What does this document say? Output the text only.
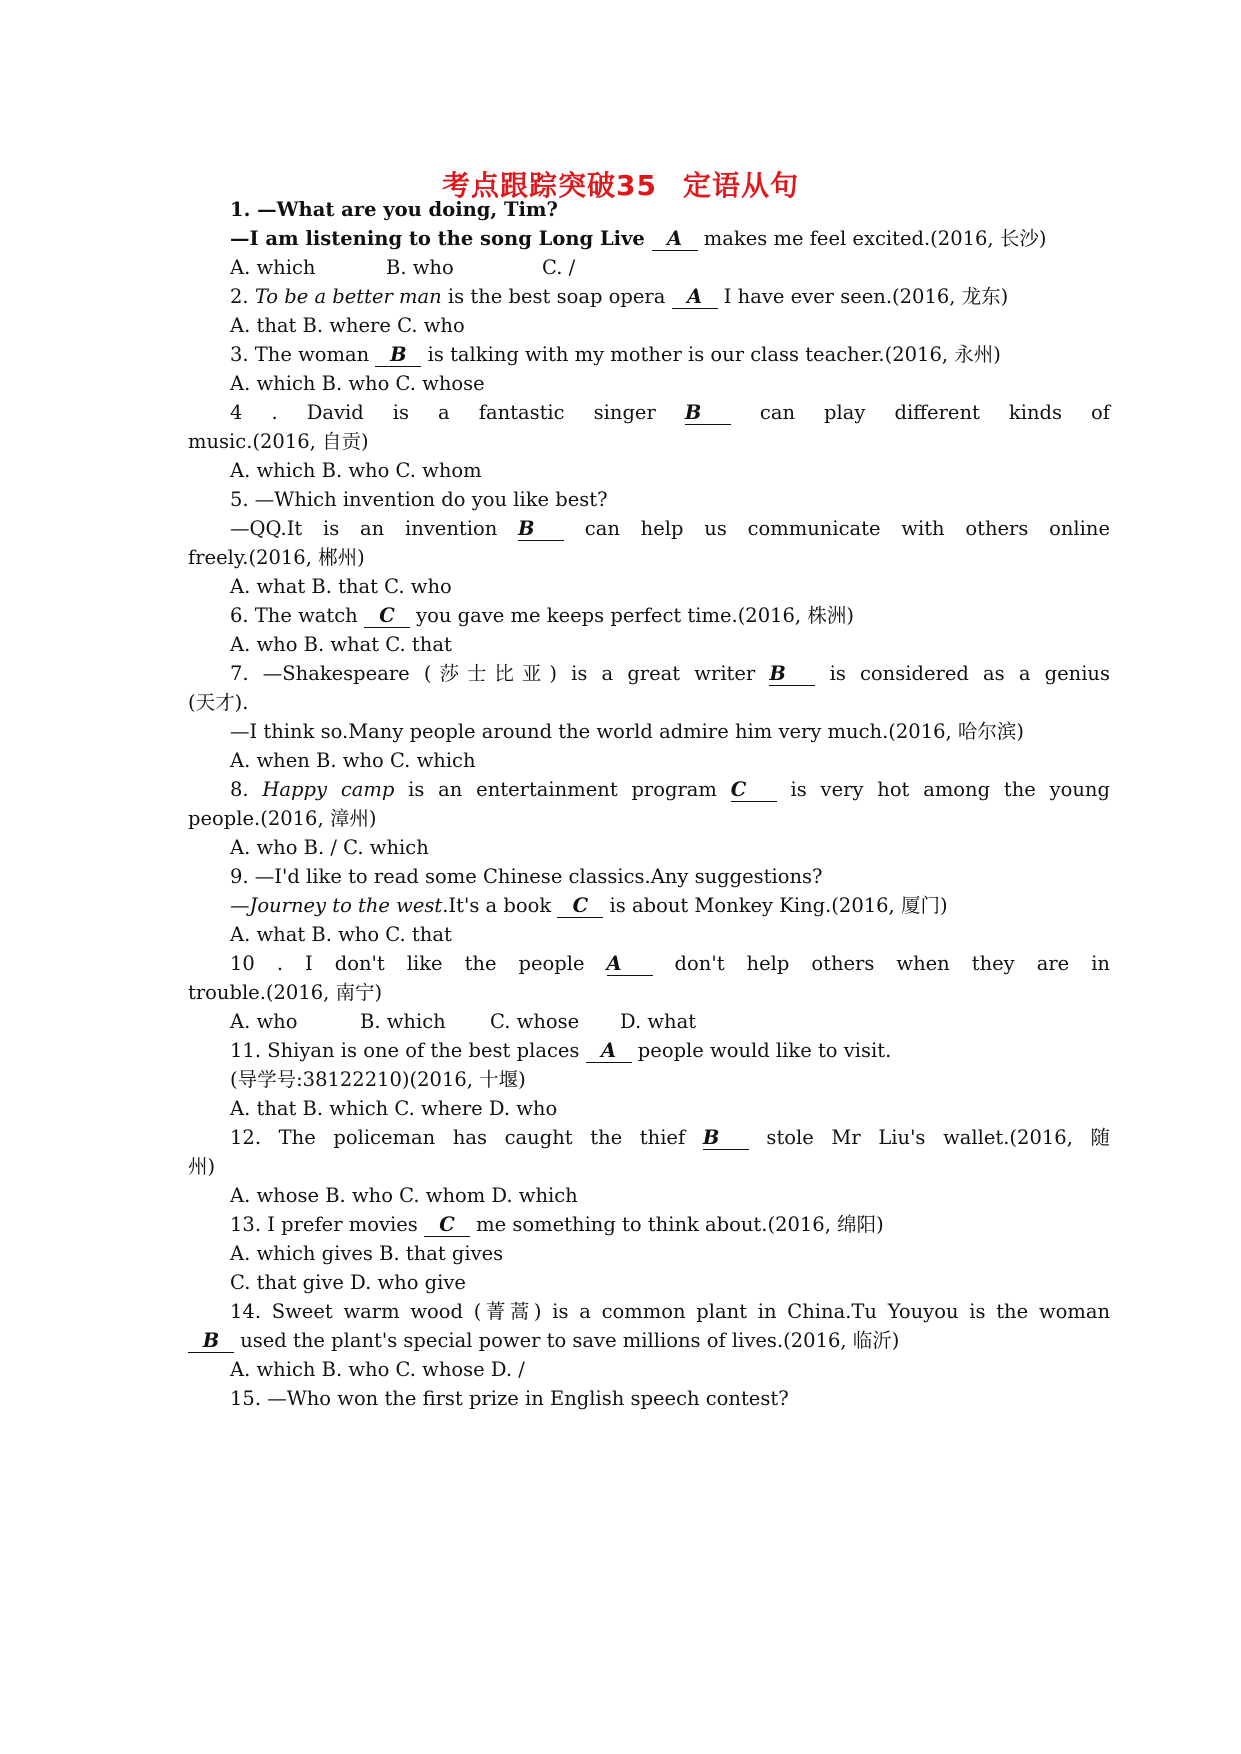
考点跟踪突破35 定语从句
1. —What are you doing, Tim?
—I am listening to the song Long Live A makes me feel excited.(2016, 长沙)
A. which	B. who	C. /
2. To be a better man is the best soap opera A I have ever seen.(2016, 龙东)
A. that B. where C. who
3. The woman B is talking with my mother is our class teacher.(2016, 永州)
A. which B. who C. whose
4 . David is a fantastic singer B can play different kinds of
music.(2016, 自贡)
A. which B. who C. whom
5. —Which invention do you like best?
—QQ.It is an invention B can help us communicate with others online
freely.(2016, 郴州)
A. what B. that C. who
6. The watch C you gave me keeps perfect time.(2016, 株洲)
A. who B. what C. that
7. —Shakespeare (莎士比亚) is a great writer B is considered as a genius
(天才).
—I think so.Many people around the world admire him very much.(2016, 哈尔滨)
A. when B. who C. which
8. Happy camp is an entertainment program C is very hot among the young
people.(2016, 漳州)
A. who B. / C. which
9. —I'd like to read some Chinese classics.Any suggestions?
—Journey to the west.It's a book C is about Monkey King.(2016, 厦门)
A. what B. who C. that
10 . I don't like the people A don't help others when they are in
trouble.(2016, 南宁)
A. who	B. which C. whose D. what
11. Shiyan is one of the best places A people would like to visit.
(导学号:38122210)(2016, 十堰)
A. that B. which C. where D. who
12. The policeman has caught the thief B stole Mr Liu's wallet.(2016, 随
州)
A. whose B. who C. whom D. which
13. I prefer movies C me something to think about.(2016, 绵阳)
A. which gives B. that gives
C. that give D. who give
14. Sweet warm wood (菁蒿) is a common plant in China.Tu Youyou is the woman
B used the plant's special power to save millions of lives.(2016, 临沂)
A. which B. who C. whose D. /
15. —Who won the first prize in English speech contest?
